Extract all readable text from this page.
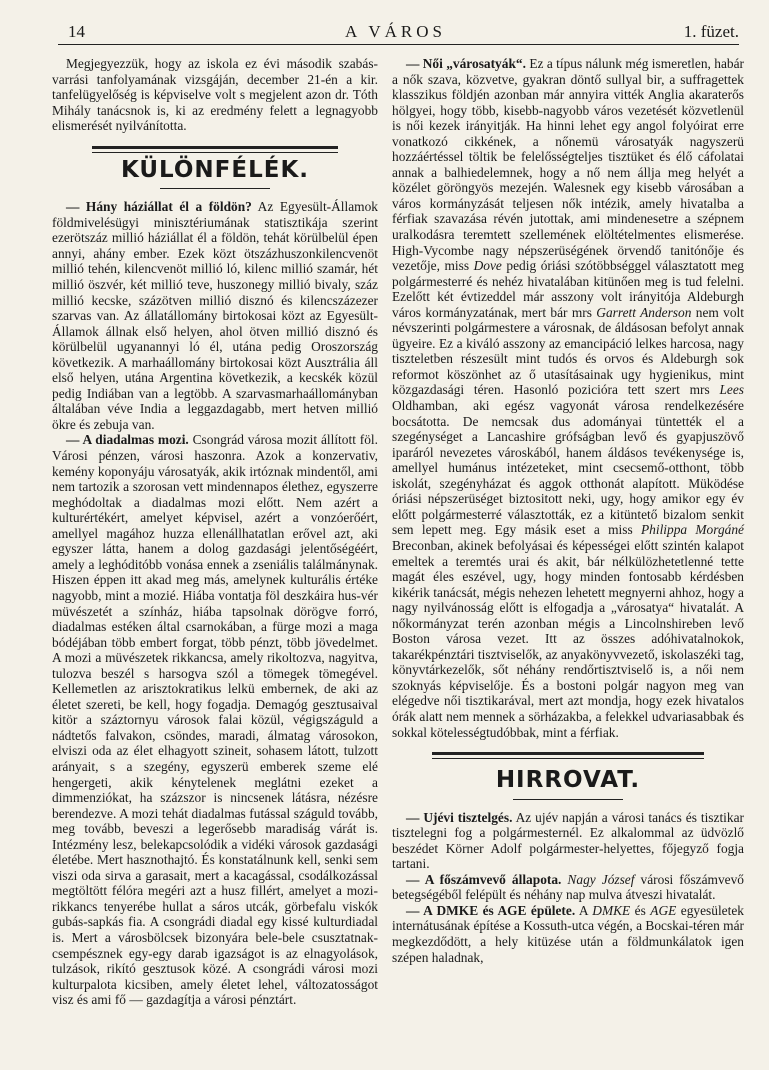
14	A VÁROS	1. füzet.

Megjegyezzük, hogy az iskola ez évi második szabás-varrási tanfolyamának vizsgáján, december 21-én a kir. tanfelügyelőség is képviselve volt s megjelent azon dr. Tóth Mihály tanácsnok is, ki az eredmény felett a legnagyobb elismerését nyilvánította.

KÜLÖNFÉLÉK.

— Hány háziállat él a földön? Az Egyesült-Államok földmivelésügyi minisztériumának statisztikája szerint ezerötszáz millió háziállat él a földön, tehát körülbelül épen annyi, ahány ember. Ezek közt ötszázhuszonkilencvenöt millió tehén, kilencvenöt millió ló, kilenc millió szamár, hét millió öszvér, két millió teve, huszonegy millió bivaly, száz millió kecske, százötven millió disznó és kilencszázezer szarvas van. Az állatállomány birtokosai közt az Egyesült-Államok állnak első helyen, ahol ötven millió disznó és körülbelül ugyanannyi ló él, utána pedig Oroszország következik. A marhaállomány birtokosai közt Ausztrália áll első helyen, utána Argentina következik, a kecskék közül pedig Indiában van a legtöbb. A szarvasmarhaállományban általában véve India a leggazdagabb, mert hetven millió ökre és zebuja van.

— A diadalmas mozi. Csongrád városa mozit állított föl. Városi pénzen, városi haszonra. Azok a konzervativ, kemény koponyáju városatyák, akik irtóznak mindentől, ami nem tartozik a szorosan vett mindennapos élethez, egyszerre meghódoltak a diadalmas mozi előtt. Nem azért a kulturértékért, amelyet képvisel, azért a vonzóerőért, amellyel magához huzza ellenállhatatlan erővel azt, aki egyszer látta, hanem a dolog gazdasági jelentőségéért, amely a leghóditóbb vonása ennek a zseniális találmánynak. Hiszen éppen itt akad meg más, amelynek kulturális értéke nagyobb, mint a mozié. Hiába vontatja föl deszkáira hus-vér müvészetét a színház, hiába tapsolnak dörögve forró, diadalmas estéken által csarnokában, a fürge mozi a maga bódéjában több embert forgat, több pénzt, több jövedelmet. A mozi a müvészetek rikkancsa, amely rikoltozva, nagyitva, tulozva beszél s harsogva szól a tömegek tömegével. Kellemetlen az arisztokratikus lelkü embernek, de aki az életet szereti, be kell, hogy fogadja. Demagóg gesztusaival kitör a száztornyu városok falai közül, végigszáguld a nádtetős falvakon, csöndes, maradi, álmatag városokon, elviszi oda az élet elhagyott szineit, sohasem látott, tulzott arányait, s a szegény, egyszerü emberek szeme elé hengergeti, akik kénytelenek meglátni ezeket a dimmenziókat, ha százszor is nincsenek látásra, nézésre berendezve. A mozi tehát diadalmas futással száguld tovább, meg tovább, beveszi a legerősebb maradiság várát is. Intézmény lesz, belekapcsolódik a vidéki városok gazdasági életébe. Mert hasznothajtó. És konstatálnunk kell, senki sem viszi oda sirva a garasait, mert a kacagással, csodálkozással megtöltött félóra megéri azt a husz fillért, amelyet a mozi-rikkancs tenyerébe hullat a sáros utcák, görbefalu viskók gubás-sapkás fia. A csongrádi diadal egy kissé kulturdiadal is. Mert a városbölcsek bizonyára bele-bele csusztatnak-csempésznek egy-egy darab igazságot is az elnagyolások, tulzások, rikító gesztusok közé. A csongrádi városi mozi kulturpalota kicsiben, amely életet lehel, változatosságot visz és ami fő — gazdagítja a városi pénztárt.

— Női „városatyák“. Ez a típus nálunk még ismeretlen, habár a nők szava, közvetve, gyakran döntő sullyal bir, a suffragettek klasszikus földjén azonban már annyira vitték Anglia akaraterős hölgyei, hogy több, kisebb-nagyobb város vezetését közvetlenül is női kezek irányitják. Ha hinni lehet egy angol folyóirat erre vonatkozó cikkének, a nőnemü városatyák nagyszerü hozzáértéssel töltik be felelősségteljes tisztüket és élő cáfolatai annak a balhiedelemnek, hogy a nő nem állja meg helyét a közélet göröngyös mezején. Walesnek egy kisebb városában a város kormányzását teljesen nők intézik, amely hivatalba a férfiak szavazása révén jutottak, ami mindenesetre a szépnem uralkodásra teremtett szellemének elöltételmentes elismerése. High-Vycombe nagy népszerüségének örvendő tanitónője és vezetője, miss Dove pedig óriási szótöbbséggel választatott meg polgármesterré és nehéz hivatalában kitünően meg is tud felelni. Ezelőtt két évtizeddel már asszony volt irányitója Aldeburgh város kormányzatának, mert bár mrs Garrett Anderson nem volt névszerinti polgármestere a városnak, de áldásosan befolyt annak ügyeire. Ez a kiváló asszony az emancipáció lelkes harcosa, nagy tiszteletben részesült mint tudós és orvos és Aldeburgh sok reformot köszönhet az ő utasításainak ugy hygienikus, mint közgazdasági téren. Hasonló pozicióra tett szert mrs Lees Oldhamban, aki egész vagyonát városa rendelkezésére bocsátotta. De nemcsak dus adományai tüntették el a szegénységet a Lancashire grófságban levő és gyapjuszövő iparáról nevezetes városkából, hanem áldásos tevékenysége is, amellyel humánus intézeteket, mint csecsemő-otthont, több iskolát, szegényházat és aggok otthonát alapított. Müködése óriási népszerüséget biztositott neki, ugy, hogy amikor egy év előtt polgármesterré választották, ez a kitüntető bizalom senkit sem lepett meg. Egy másik eset a miss Philippa Morgáné Breconban, akinek befolyásai és képességei előtt szintén kalapot emeltek a teremtés urai és akit, bár nélkülözhetetlenné tette magát éles eszével, ugy, hogy minden fontosabb kérdésben kikérik tanácsát, mégis nehezen lehetett megnyerni ahhoz, hogy a nagy nyilvánosság előtt is elfogadja a „városatya“ hivatalát. A nőkormányzat terén azonban mégis a Lincolnshireben levő Boston városa vezet. Itt az összes adóhivatalnokok, takarékpénztári tisztviselők, az anyakönyvvezető, iskolaszéki tag, könyvtárkezelők, sőt néhány rendőrtisztviselő is, a női nem szoknyás képviselője. És a bostoni polgár nagyon meg van elégedve női tisztikarával, mert azt mondja, hogy ezek hivatalos órák alatt nem mennek a sörházakba, a felekkel udvariasabbak és sokkal kötelességtudóbbak, mint a férfiak.

HIRROVAT.

— Ujévi tisztelgés. Az ujév napján a városi tanács és tisztikar tisztelegni fog a polgármesternél. Ez alkalommal az üdvözlő beszédet Körner Adolf polgármester-helyettes, főjegyző fogja tartani.

— A főszámvevő állapota. Nagy József városi főszámvevő betegségéből felépült és néhány nap mulva átveszi hivatalát.

— A DMKE és AGE épülete. A DMKE és AGE egyesületek internátusának építése a Kossuth-utca végén, a Bocskai-téren már megkezdődött, a hely kitüzése után a földmunkálatok igen szépen haladnak,
